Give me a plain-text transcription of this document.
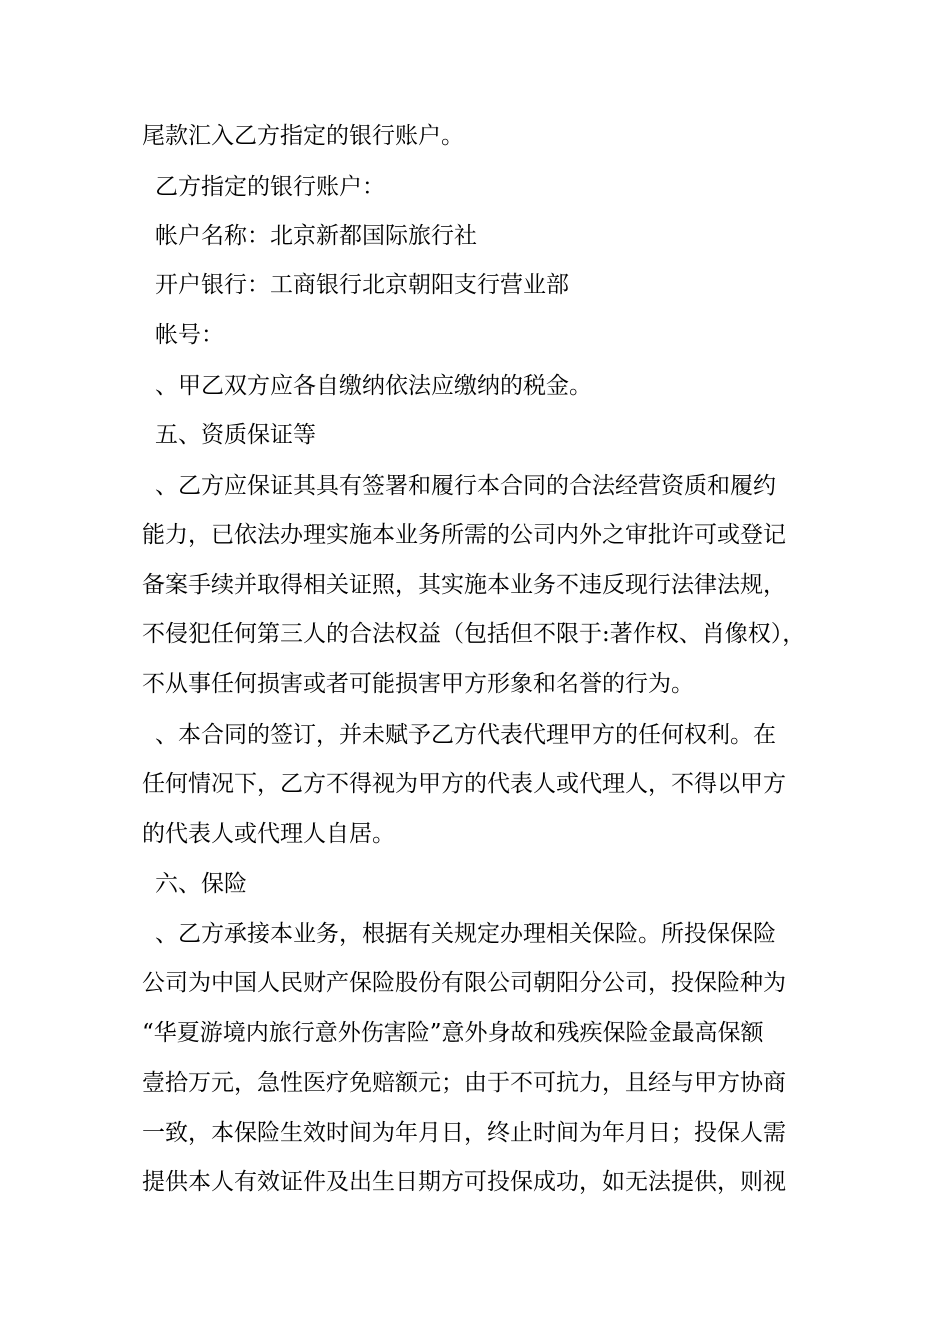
尾款汇入乙方指定的银行账户。
乙方指定的银行账户：
帐户名称：北京新都国际旅行社
开户银行：工商银行北京朝阳支行营业部
帐号：
、甲乙双方应各自缴纳依法应缴纳的税金。
五、资质保证等
、乙方应保证其具有签署和履行本合同的合法经营资质和履约
能力，已依法办理实施本业务所需的公司内外之审批许可或登记
备案手续并取得相关证照，其实施本业务不违反现行法律法规，
不侵犯任何第三人的合法权益（包括但不限于:著作权、肖像权），
不从事任何损害或者可能损害甲方形象和名誉的行为。
、本合同的签订，并未赋予乙方代表代理甲方的任何权利。在
任何情况下，乙方不得视为甲方的代表人或代理人，不得以甲方
的代表人或代理人自居。
六、保险
、乙方承接本业务，根据有关规定办理相关保险。所投保保险
公司为中国人民财产保险股份有限公司朝阳分公司，投保险种为
“华夏游境内旅行意外伤害险”意外身故和残疾保险金最高保额
壹拾万元，急性医疗免赔额元；由于不可抗力，且经与甲方协商
一致，本保险生效时间为年月日，终止时间为年月日；投保人需
提供本人有效证件及出生日期方可投保成功，如无法提供，则视
